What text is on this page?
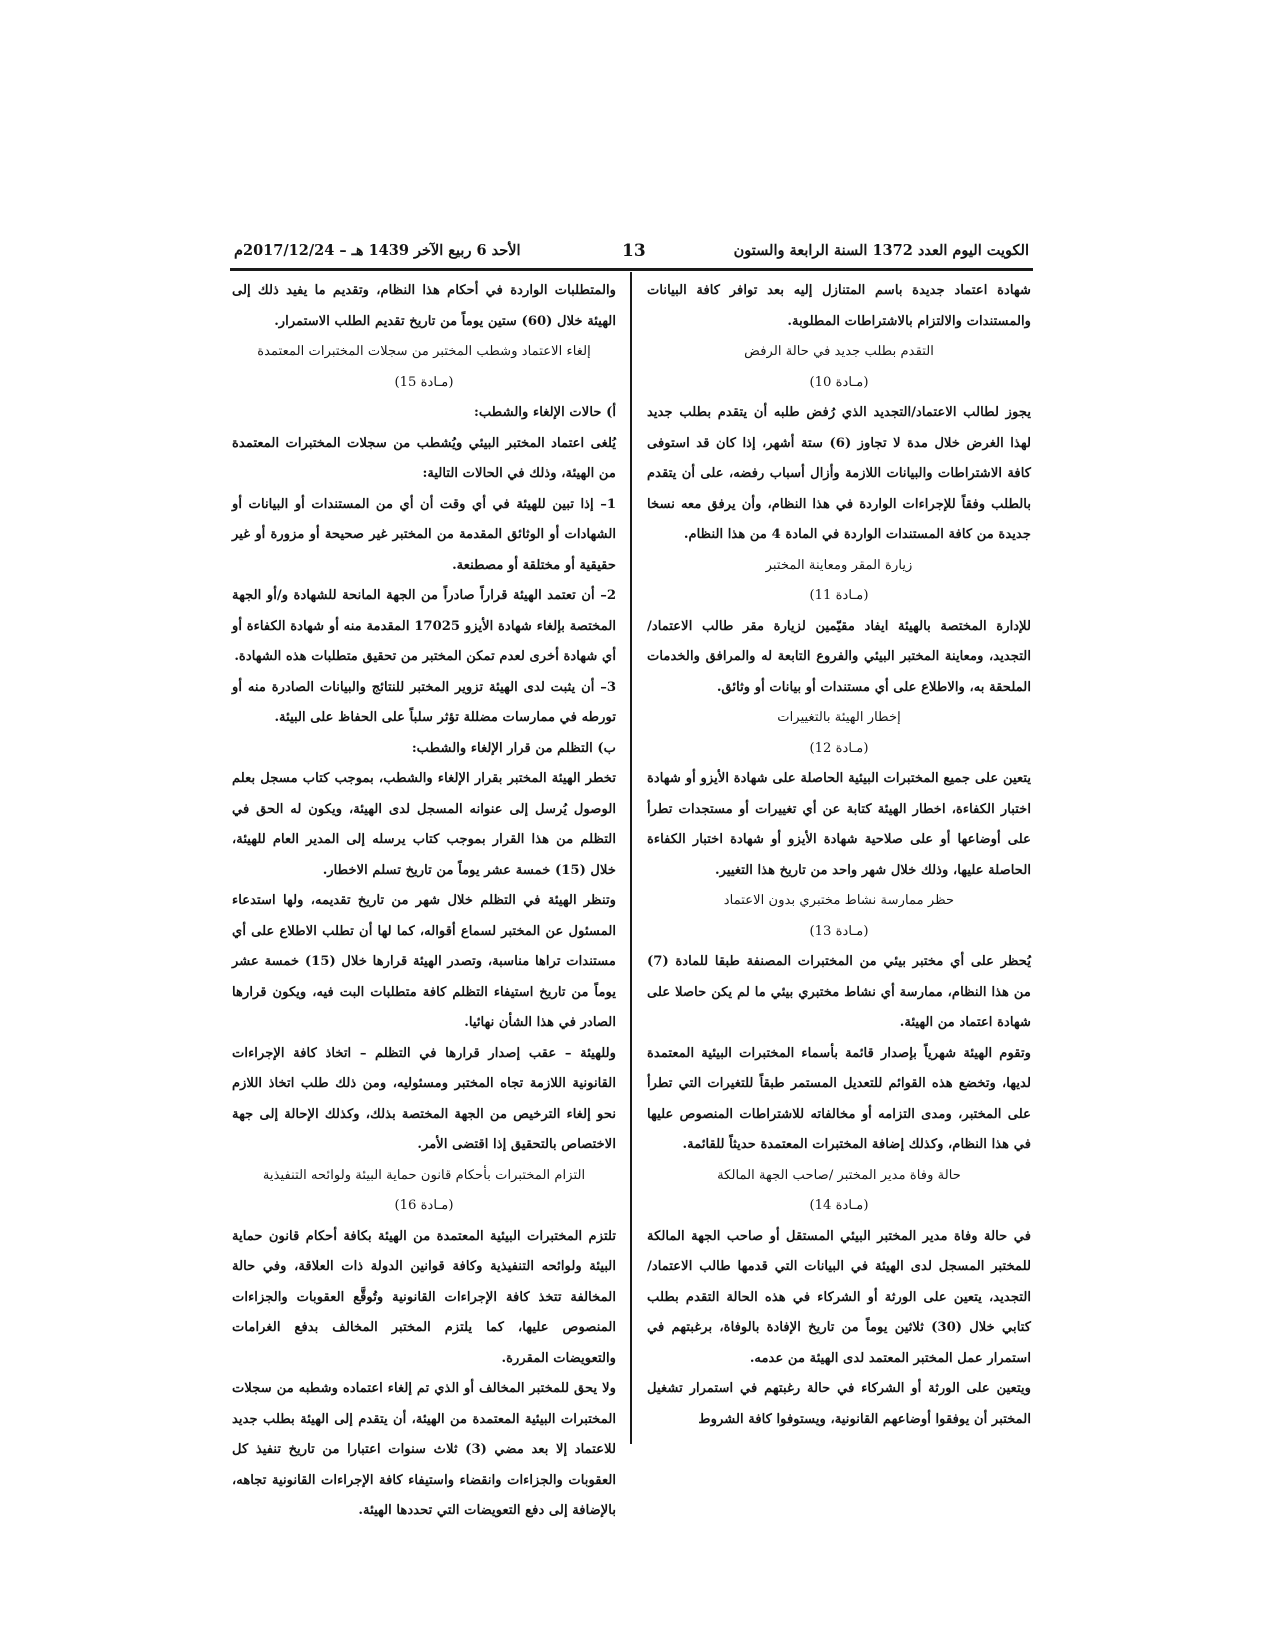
الكويت اليوم العدد 1372 السنة الرابعة والستون
13
الأحد 6 ربيع الآخر 1439 هـ – 2017/12/24م

شهادة اعتماد جديدة باسم المتنازل إليه بعد توافر كافة البيانات والمستندات والالتزام بالاشتراطات المطلوبة.

التقدم بطلب جديد في حالة الرفض

(مـادة 10)

يجوز لطالب الاعتماد/التجديد الذي رُفض طلبه أن يتقدم بطلب جديد لهذا الغرض خلال مدة لا تجاوز (6) ستة أشهر، إذا كان قد استوفى كافة الاشتراطات والبيانات اللازمة وأزال أسباب رفضه، على أن يتقدم بالطلب وفقاً للإجراءات الواردة في هذا النظام، وأن يرفق معه نسخا جديدة من كافة المستندات الواردة في المادة 4 من هذا النظام.

زيارة المقر ومعاينة المختبر

(مـادة 11)

للإدارة المختصة بالهيئة ايفاد مقيّمين لزيارة مقر طالب الاعتماد/التجديد، ومعاينة المختبر البيئي والفروع التابعة له والمرافق والخدمات الملحقة به، والاطلاع على أي مستندات أو بيانات أو وثائق.

إخطار الهيئة بالتغييرات

(مـادة 12)

يتعين على جميع المختبرات البيئية الحاصلة على شهادة الأيزو أو شهادة اختبار الكفاءة، اخطار الهيئة كتابة عن أي تغييرات أو مستجدات تطرأ على أوضاعها أو على صلاحية شهادة الأيزو أو شهادة اختبار الكفاءة الحاصلة عليها، وذلك خلال شهر واحد من تاريخ هذا التغيير.

حظر ممارسة نشاط مختبري بدون الاعتماد

(مـادة 13)

يُحظر على أي مختبر بيئي من المختبرات المصنفة طبقا للمادة (7) من هذا النظام، ممارسة أي نشاط مختبري بيئي ما لم يكن حاصلا على شهادة اعتماد من الهيئة.

وتقوم الهيئة شهرياً بإصدار قائمة بأسماء المختبرات البيئية المعتمدة لديها، وتخضع هذه القوائم للتعديل المستمر طبقاً للتغيرات التي تطرأ على المختبر، ومدى التزامه أو مخالفاته للاشتراطات المنصوص عليها في هذا النظام، وكذلك إضافة المختبرات المعتمدة حديثاً للقائمة.

حالة وفاة مدير المختبر /صاحب الجهة المالكة

(مـادة 14)

في حالة وفاة مدير المختبر البيئي المستقل أو صاحب الجهة المالكة للمختبر المسجل لدى الهيئة في البيانات التي قدمها طالب الاعتماد/التجديد، يتعين على الورثة أو الشركاء في هذه الحالة التقدم بطلب كتابي خلال (30) ثلاثين يوماً من تاريخ الإفادة بالوفاة، برغبتهم في استمرار عمل المختبر المعتمد لدى الهيئة من عدمه.

ويتعين على الورثة أو الشركاء في حالة رغبتهم في استمرار تشغيل المختبر أن يوفقوا أوضاعهم القانونية، ويستوفوا كافة الشروط

والمتطلبات الواردة في أحكام هذا النظام، وتقديم ما يفيد ذلك إلى الهيئة خلال (60) ستين يوماً من تاريخ تقديم الطلب الاستمرار.

إلغاء الاعتماد وشطب المختبر من سجلات المختبرات المعتمدة

(مـادة 15)

أ) حالات الإلغاء والشطب:

يُلغى اعتماد المختبر البيئي ويُشطب من سجلات المختبرات المعتمدة من الهيئة، وذلك في الحالات التالية:

1– إذا تبين للهيئة في أي وقت أن أي من المستندات أو البيانات أو الشهادات أو الوثائق المقدمة من المختبر غير صحيحة أو مزورة أو غير حقيقية أو مختلقة أو مصطنعة.

2– أن تعتمد الهيئة قراراً صادراً من الجهة المانحة للشهادة و/أو الجهة المختصة بإلغاء شهادة الأيزو 17025 المقدمة منه أو شهادة الكفاءة أو أي شهادة أخرى لعدم تمكن المختبر من تحقيق متطلبات هذه الشهادة.

3– أن يثبت لدى الهيئة تزوير المختبر للنتائج والبيانات الصادرة منه أو تورطه في ممارسات مضللة تؤثر سلباً على الحفاظ على البيئة.

ب) التظلم من قرار الإلغاء والشطب:

تخطر الهيئة المختبر بقرار الإلغاء والشطب، بموجب كتاب مسجل بعلم الوصول يُرسل إلى عنوانه المسجل لدى الهيئة، ويكون له الحق في التظلم من هذا القرار بموجب كتاب يرسله إلى المدير العام للهيئة، خلال (15) خمسة عشر يوماً من تاريخ تسلم الاخطار.

وتنظر الهيئة في التظلم خلال شهر من تاريخ تقديمه، ولها استدعاء المسئول عن المختبر لسماع أقواله، كما لها أن تطلب الاطلاع على أي مستندات تراها مناسبة، وتصدر الهيئة قرارها خلال (15) خمسة عشر يوماً من تاريخ استيفاء التظلم كافة متطلبات البت فيه، ويكون قرارها الصادر في هذا الشأن نهائيا.

وللهيئة – عقب إصدار قرارها في التظلم – اتخاذ كافة الإجراءات القانونية اللازمة تجاه المختبر ومسئوليه، ومن ذلك طلب اتخاذ اللازم نحو إلغاء الترخيص من الجهة المختصة بذلك، وكذلك الإحالة إلى جهة الاختصاص بالتحقيق إذا اقتضى الأمر.

التزام المختبرات بأحكام قانون حماية البيئة ولوائحه التنفيذية

(مـادة 16)

تلتزم المختبرات البيئية المعتمدة من الهيئة بكافة أحكام قانون حماية البيئة ولوائحه التنفيذية وكافة قوانين الدولة ذات العلاقة، وفي حالة المخالفة تتخذ كافة الإجراءات القانونية وتُوقَّع العقوبات والجزاءات المنصوص عليها، كما يلتزم المختبر المخالف بدفع الغرامات والتعويضات المقررة.

ولا يحق للمختبر المخالف أو الذي تم إلغاء اعتماده وشطبه من سجلات المختبرات البيئية المعتمدة من الهيئة، أن يتقدم إلى الهيئة بطلب جديد للاعتماد إلا بعد مضي (3) ثلاث سنوات اعتبارا من تاريخ تنفيذ كل العقوبات والجزاءات وانقضاء واستيفاء كافة الإجراءات القانونية تجاهه، بالإضافة إلى دفع التعويضات التي تحددها الهيئة.
